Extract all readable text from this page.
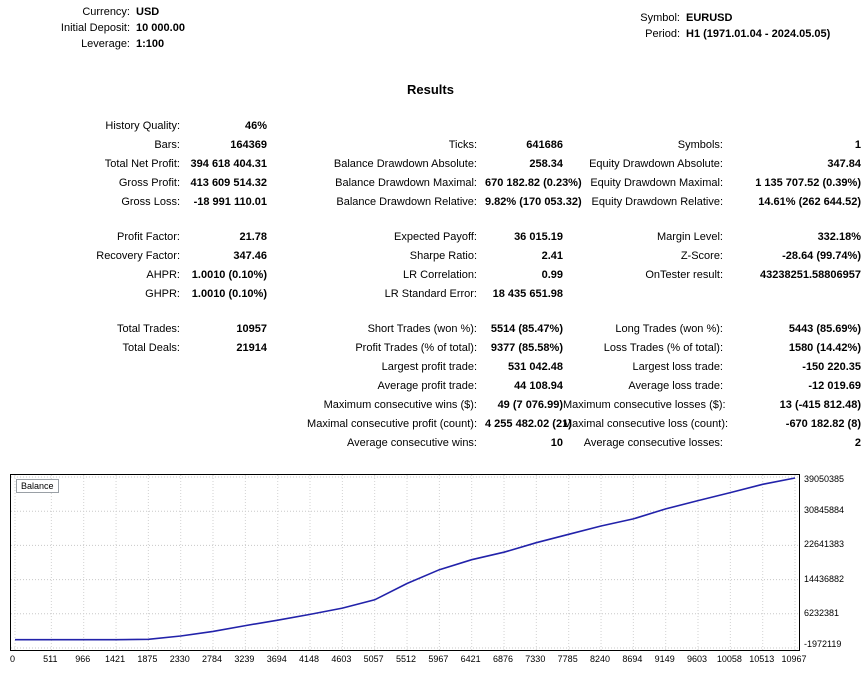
Currency: USD
Initial Deposit: 10 000.00
Leverage: 1:100
Symbol: EURUSD
Period: H1 (1971.01.04 - 2024.05.05)
Results
History Quality:	46%
Bars:	164369	Ticks:	641686	Symbols:	1
Total Net Profit: 394 618 404.31	Balance Drawdown Absolute:	258.34	Equity Drawdown Absolute:	347.84
Gross Profit: 413 609 514.32	Balance Drawdown Maximal: 670 182.82 (0.23%) Equity Drawdown Maximal:	1 135 707.52 (0.39%)
Gross Loss:	-18 991 110.01	Balance Drawdown Relative: 9.82% (170 053.32) Equity Drawdown Relative:	14.61% (262 644.52)
Profit Factor:	21.78	Expected Payoff:	36 015.19	Margin Level:	332.18%
Recovery Factor:	347.46	Sharpe Ratio:	2.41	Z-Score:	-28.64 (99.74%)
AHPR:	1.0010 (0.10%)	LR Correlation:	0.99	OnTester result:	43238251.58806957
GHPR:	1.0010 (0.10%)	LR Standard Error:	18 435 651.98
Total Trades:	10957	Short Trades (won %):	5514 (85.47%)	Long Trades (won %):	5443 (85.69%)
Total Deals:	21914	Profit Trades (% of total):	9377 (85.58%)	Loss Trades (% of total):	1580 (14.42%)
Largest profit trade:	531 042.48	Largest loss trade:	-150 220.35
Average profit trade:	44 108.94	Average loss trade:	-12 019.69
Maximum consecutive wins ($):	49 (7 076.99) Maximum consecutive losses ($):	13 (-415 812.48)
Maximal consecutive profit (count): 4 255 482.02 (21)
Maximal consecutive loss (count):	-670 182.82 (8)
Average consecutive wins:	10	Average consecutive losses:	2
Balance
39050385
30845884
22641383
14436882
6232381
-1972119
0	511 966 1421 1875 2330 2784 3239 3694 4148 4603 5057 5512 5967 6421 6876 7330 7785 8240 8694 9149 9603 10058 10513 10967
